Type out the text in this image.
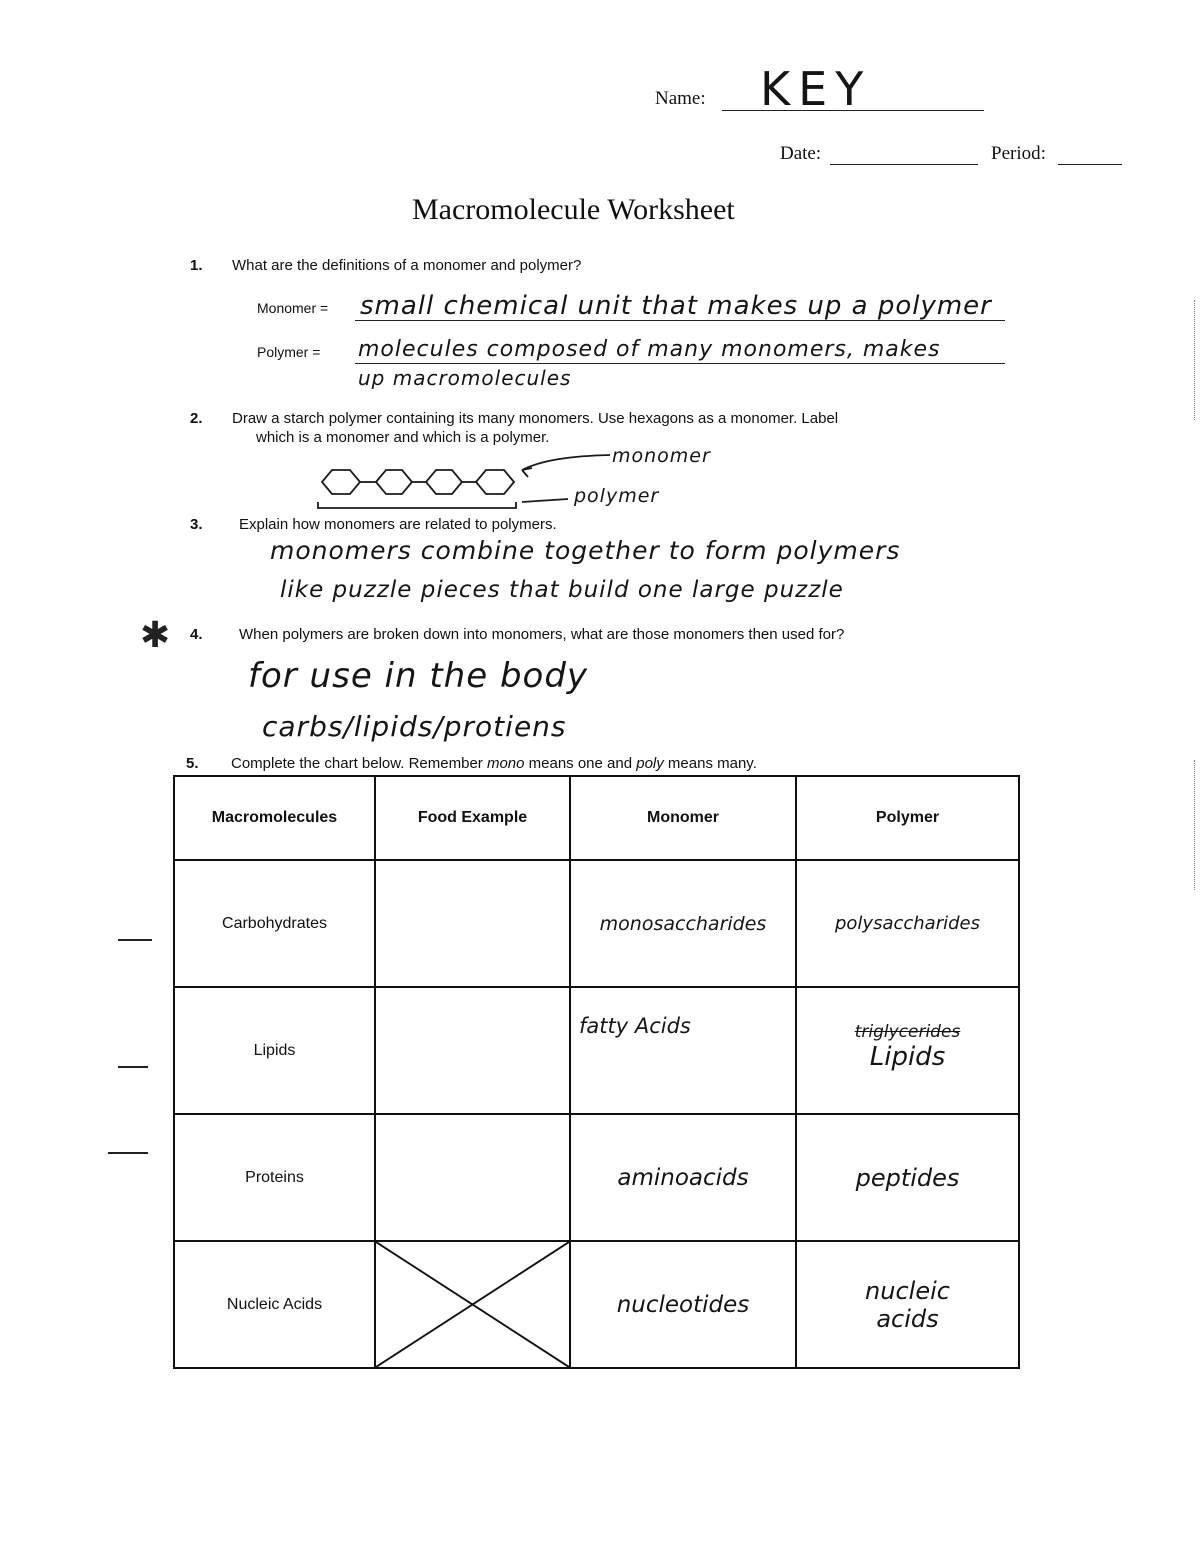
Name: KEY
Date:	Period:
Macromolecule Worksheet
1. What are the definitions of a monomer and polymer?
Monomer = small chemical unit that makes up a polymer
Polymer = molecules composed of many monomers, makes
up macromolecules
2. Draw a starch polymer containing its many monomers. Use hexagons as a monomer. Label
which is a monomer and which is a polymer.
monomer
polymer
3. Explain how monomers are related to polymers.
monomers combine together to form polymers
like puzzle pieces that build one large puzzle
✱ 4. When polymers are broken down into monomers, what are those monomers then used for?
for use in the body
carbs/lipids/protiens
5. Complete the chart below. Remember mono means one and poly means many.
Macromolecules	Food Example	Monomer	Polymer
Carbohydrates		monosaccharides	polysaccharides
Lipids		fatty Acids	triglycerides
Lipids

Proteins		aminoacids	peptides
Nucleic Acids		nucleotides	nucleic
acids
